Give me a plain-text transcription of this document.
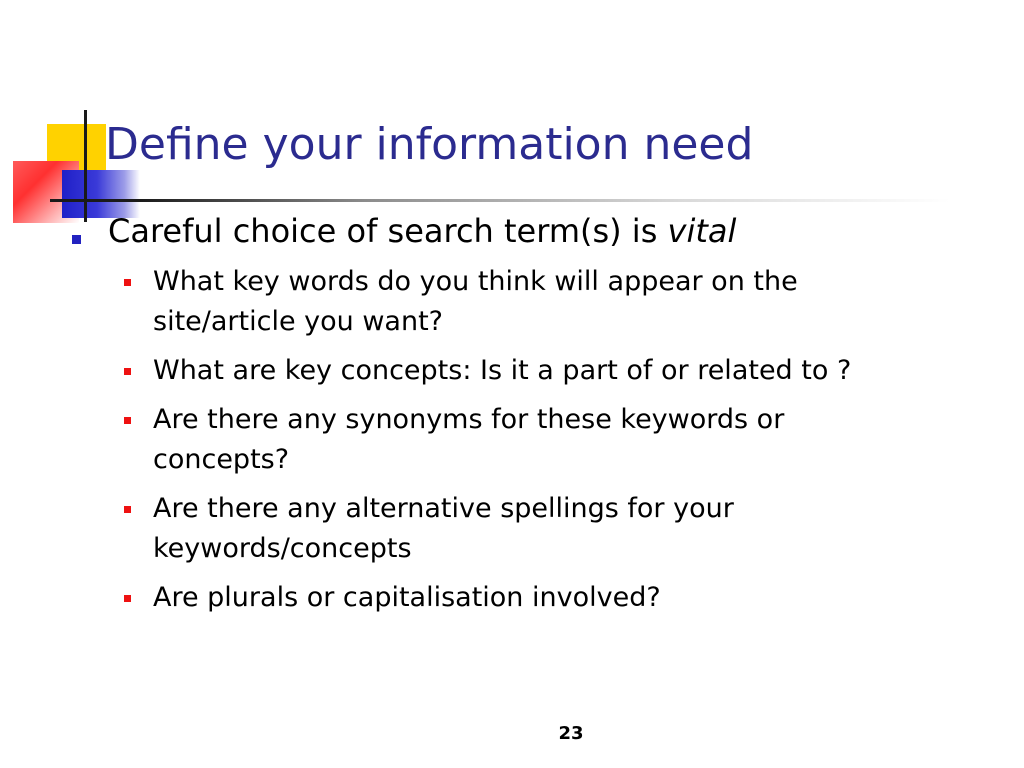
Define your information need
Careful choice of search term(s) is vital
What key words do you think will appear on the site/article you want?
What are key concepts: Is it a part of or related to ?
Are there any synonyms for these keywords or concepts?
Are there any alternative spellings for your keywords/concepts
Are plurals or capitalisation involved?
23
